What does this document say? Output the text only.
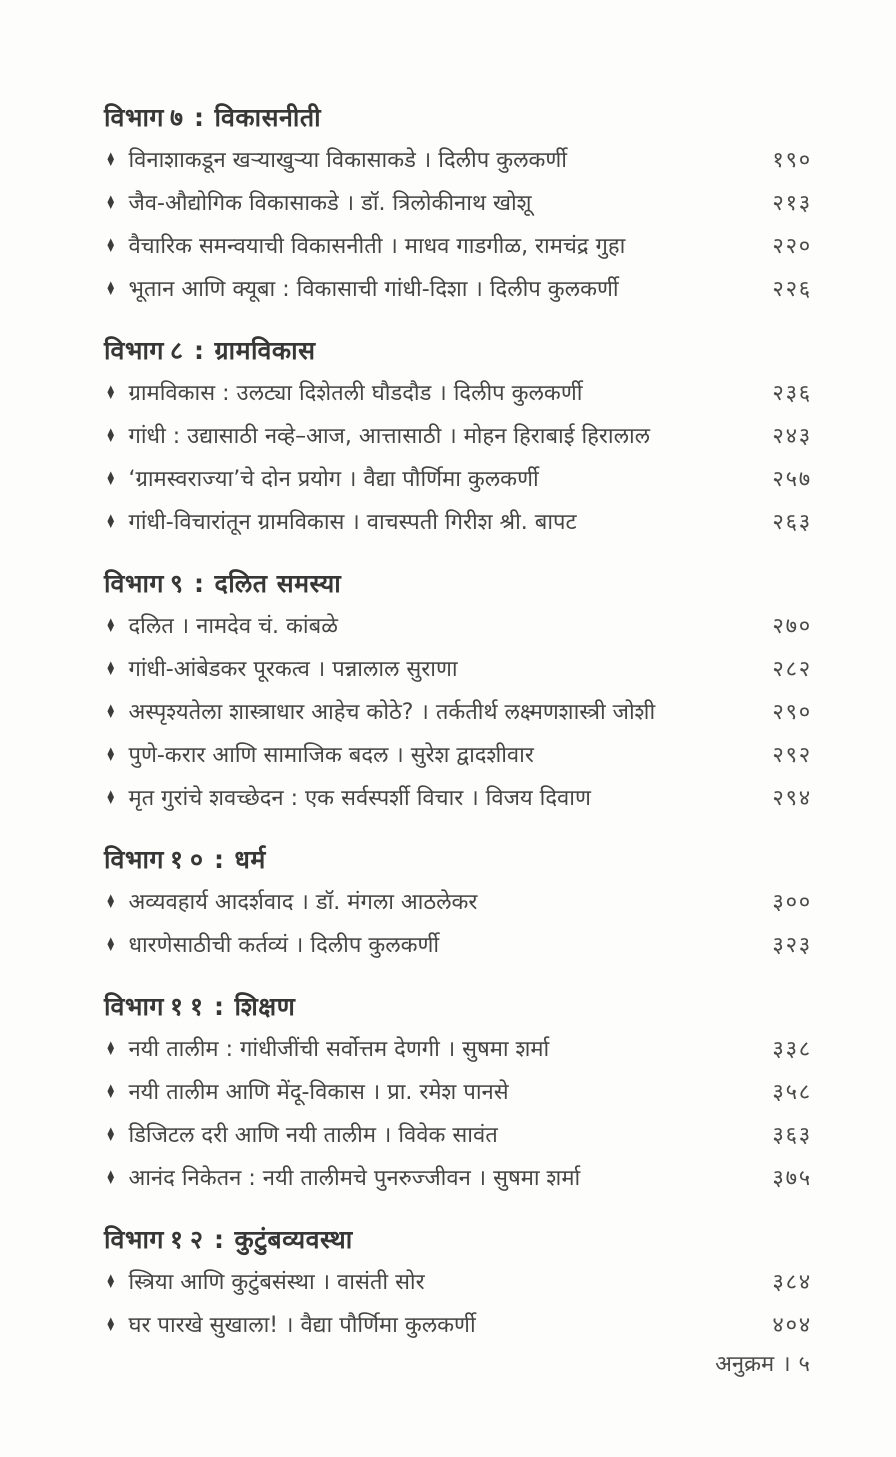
विभाग ७ : विकासनीती
♦ विनाशाकडून खऱ्याखुऱ्या विकासाकडे । दिलीप कुलकर्णी	१९०
♦ जैव-औद्योगिक विकासाकडे । डॉ. त्रिलोकीनाथ खोशू	२१३
♦ वैचारिक समन्वयाची विकासनीती । माधव गाडगीळ, रामचंद्र गुहा	२२०
♦ भूतान आणि क्यूबा : विकासाची गांधी-दिशा । दिलीप कुलकर्णी	२२६
विभाग ८ : ग्रामविकास
♦ ग्रामविकास : उलट्या दिशेतली घौडदौड । दिलीप कुलकर्णी	२३६
♦ गांधी : उद्यासाठी नव्हे–आज, आत्तासाठी । मोहन हिराबाई हिरालाल	२४३
♦ ‘ग्रामस्वराज्या’चे दोन प्रयोग । वैद्या पौर्णिमा कुलकर्णी	२५७
♦ गांधी-विचारांतून ग्रामविकास । वाचस्पती गिरीश श्री. बापट	२६३
विभाग ९ : दलित समस्या
♦ दलित । नामदेव चं. कांबळे	२७०
♦ गांधी-आंबेडकर पूरकत्व । पन्नालाल सुराणा	२८२
♦ अस्पृश्यतेला शास्त्राधार आहेच कोठे? । तर्कतीर्थ लक्ष्मणशास्त्री जोशी	२९०
♦ पुणे-करार आणि सामाजिक बदल । सुरेश द्वादशीवार	२९२
♦ मृत गुरांचे शवच्छेदन : एक सर्वस्पर्शी विचार । विजय दिवाण	२९४
विभाग १० : धर्म
♦ अव्यवहार्य आदर्शवाद । डॉ. मंगला आठलेकर	३००
♦ धारणेसाठीची कर्तव्यं । दिलीप कुलकर्णी	३२३
विभाग ११ : शिक्षण
♦ नयी तालीम : गांधीजींची सर्वोत्तम देणगी । सुषमा शर्मा	३३८
♦ नयी तालीम आणि मेंदू-विकास । प्रा. रमेश पानसे	३५८
♦ डिजिटल दरी आणि नयी तालीम । विवेक सावंत	३६३
♦ आनंद निकेतन : नयी तालीमचे पुनरुज्जीवन । सुषमा शर्मा	३७५
विभाग १२ : कुटुंबव्यवस्था
♦ स्त्रिया आणि कुटुंबसंस्था । वासंती सोर	३८४
♦ घर पारखे सुखाला! । वैद्या पौर्णिमा कुलकर्णी	४०४
अनुक्रम । ५
